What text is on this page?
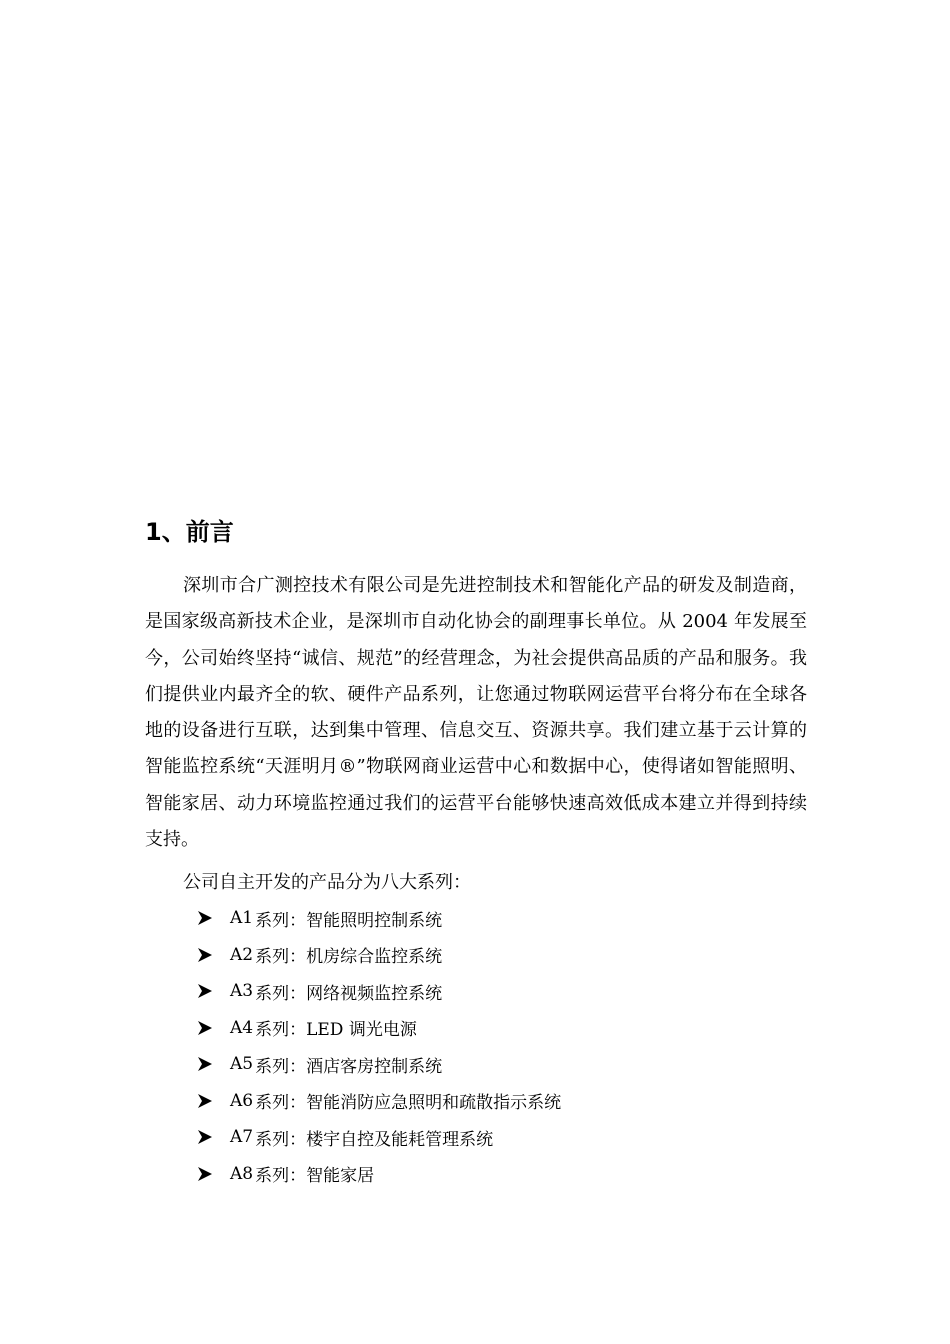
1、前言

深圳市合广测控技术有限公司是先进控制技术和智能化产品的研发及制造商，是国家级高新技术企业，是深圳市自动化协会的副理事长单位。从 2004 年发展至今，公司始终坚持“诚信、规范”的经营理念，为社会提供高品质的产品和服务。我们提供业内最齐全的软、硬件产品系列，让您通过物联网运营平台将分布在全球各地的设备进行互联，达到集中管理、信息交互、资源共享。我们建立基于云计算的智能监控系统“天涯明月®”物联网商业运营中心和数据中心，使得诸如智能照明、智能家居、动力环境监控通过我们的运营平台能够快速高效低成本建立并得到持续支持。

公司自主开发的产品分为八大系列：

A1 系列：智能照明控制系统
A2 系列：机房综合监控系统
A3 系列：网络视频监控系统
A4 系列：LED 调光电源
A5 系列：酒店客房控制系统
A6 系列：智能消防应急照明和疏散指示系统
A7 系列：楼宇自控及能耗管理系统
A8 系列：智能家居
